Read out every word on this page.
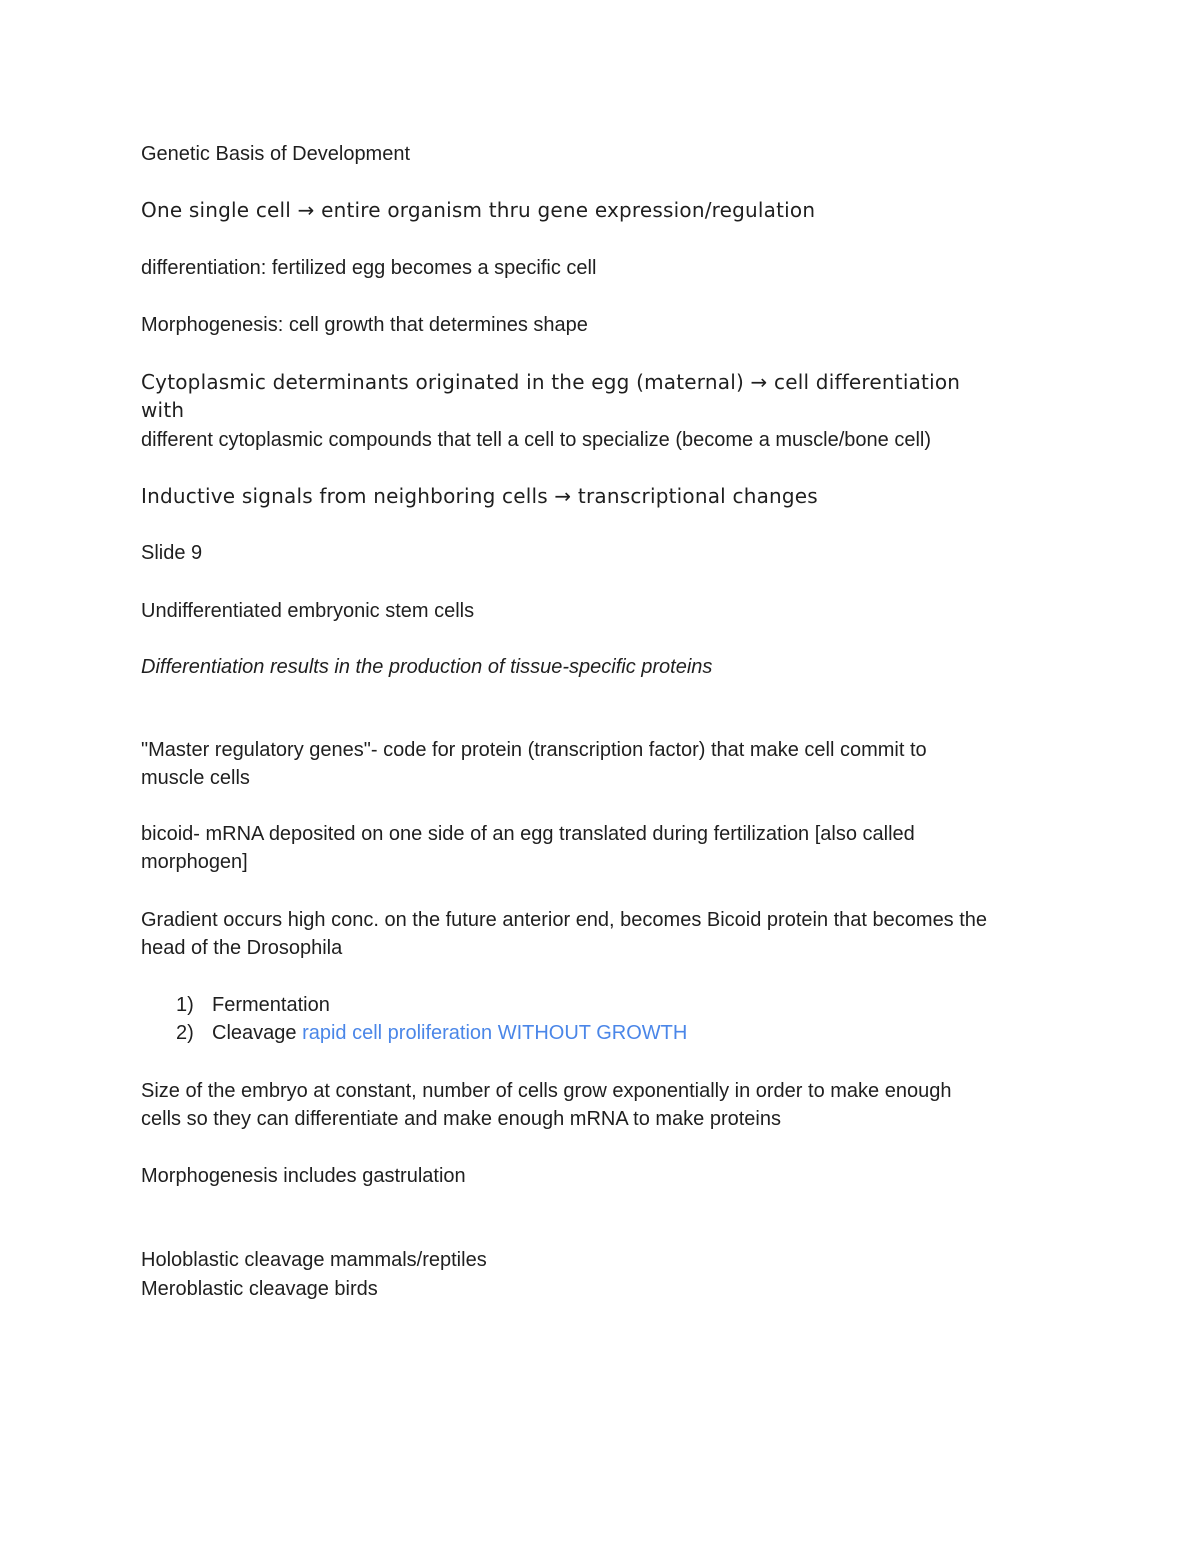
Genetic Basis of Development
One single cell → entire organism thru gene expression/regulation
differentiation: fertilized egg becomes a specific cell
Morphogenesis: cell growth that determines shape
Cytoplasmic determinants originated in the egg (maternal) → cell differentiation
with
different cytoplasmic compounds that tell a cell to specialize (become a muscle/bone cell)
Inductive signals from neighboring cells → transcriptional changes
Slide 9
Undifferentiated embryonic stem cells
Differentiation results in the production of tissue-specific proteins
"Master regulatory genes"- code for protein (transcription factor) that make cell commit to
muscle cells
bicoid- mRNA deposited on one side of an egg translated during fertilization [also called
morphogen]
Gradient occurs high conc. on the future anterior end, becomes Bicoid protein that becomes the
head of the Drosophila
1) Fermentation
2) Cleavage rapid cell proliferation WITHOUT GROWTH
Size of the embryo at constant, number of cells grow exponentially in order to make enough
cells so they can differentiate and make enough mRNA to make proteins
Morphogenesis includes gastrulation
Holoblastic cleavage mammals/reptiles
Meroblastic cleavage birds
